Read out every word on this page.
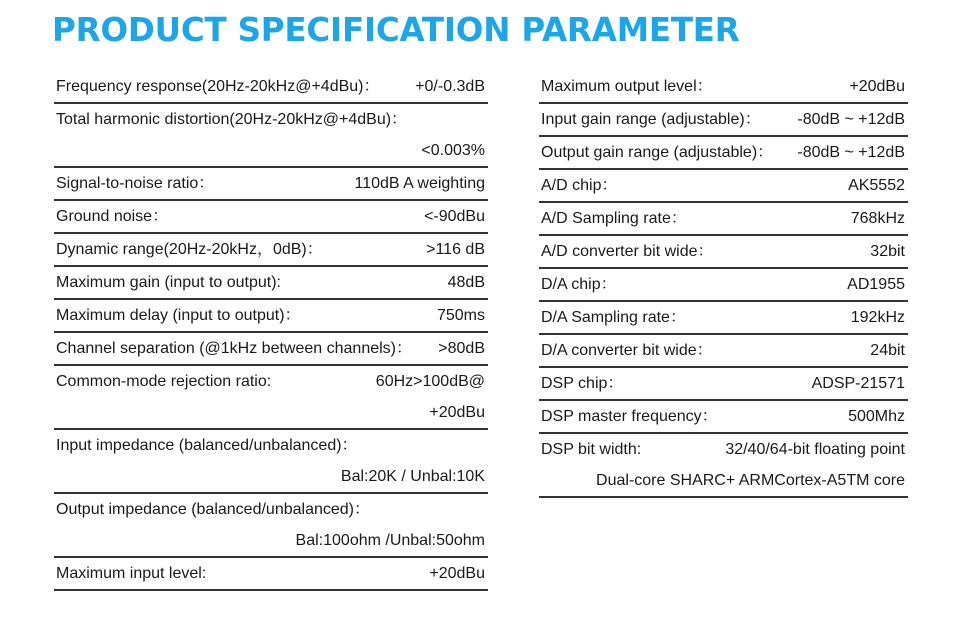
PRODUCT SPECIFICATION PARAMETER
Frequency response(20Hz-20kHz@+4dBu)： +0/-0.3dB
Total harmonic distortion(20Hz-20kHz@+4dBu)：
<0.003%
Signal-to-noise ratio：	110dB A weighting
Ground noise：	<-90dBu
Dynamic range(20Hz-20kHz，0dB)：	>116 dB
Maximum gain (input to output):	48dB
Maximum delay (input to output)：	750ms
Channel separation (@1kHz between channels)： >80dB
Common-mode rejection ratio:	60Hz>100dB@
+20dBu
Input impedance (balanced/unbalanced)：
Bal:20K / Unbal:10K
Output impedance (balanced/unbalanced)：
Bal:100ohm /Unbal:50ohm
Maximum input level:	+20dBu
Maximum output level：	+20dBu
Input gain range (adjustable)： -80dB ~ +12dB
Output gain range (adjustable)： -80dB ~ +12dB
A/D chip：	AK5552
A/D Sampling rate：	768kHz
A/D converter bit wide：	32bit
D/A chip：	AD1955
D/A Sampling rate：	192kHz
D/A converter bit wide：	24bit
DSP chip：	ADSP-21571
DSP master frequency：	500Mhz
DSP bit width:	32/40/64-bit floating point
Dual-core SHARC+ ARMCortex-A5TM core
